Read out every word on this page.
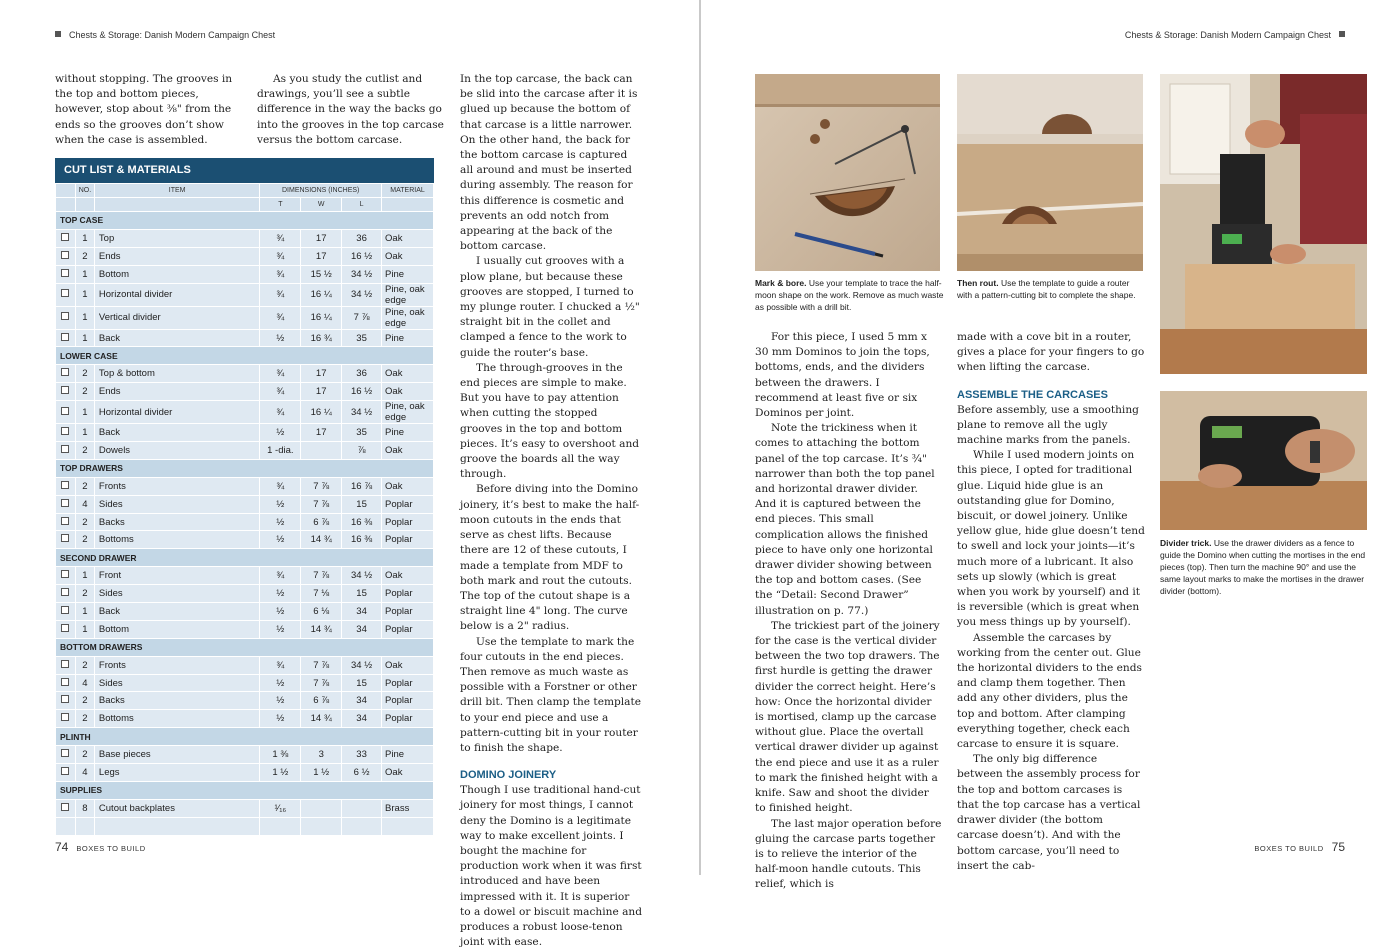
Chests & Storage: Danish Modern Campaign Chest

without stopping. The grooves in the top and bottom pieces, however, stop about ⅜" from the ends so the grooves don’t show when the case is assembled.

As you study the cutlist and drawings, you’ll see a subtle difference in the way the backs go into the grooves in the top carcase versus the bottom carcase.

CUT LIST & MATERIALS
	NO.	ITEM	DIMENSIONS (INCHES)			MATERIAL
			T	W	L	
TOP CASE						
	1	Top	¾	17	36	Oak
	2	Ends	¾	17	16 ½	Oak
	1	Bottom	¾	15 ½	34 ½	Pine
	1	Horizontal divider	¾	16 ¼	34 ½	Pine, oak edge
	1	Vertical divider	¾	16 ¼	7 ⅞	Pine, oak edge
	1	Back	½	16 ¾	35	Pine
LOWER CASE						
	2	Top & bottom	¾	17	36	Oak
	2	Ends	¾	17	16 ½	Oak
	1	Horizontal divider	¾	16 ¼	34 ½	Pine, oak edge
	1	Back	½	17	35	Pine
	2	Dowels	1 -dia.		⅞	Oak
TOP DRAWERS						
	2	Fronts	¾	7 ⅞	16 ⅞	Oak
	4	Sides	½	7 ⅞	15	Poplar
	2	Backs	½	6 ⅞	16 ⅜	Poplar
	2	Bottoms	½	14 ¾	16 ⅜	Poplar
SECOND DRAWER						
	1	Front	¾	7 ⅞	34 ½	Oak
	2	Sides	½	7 ⅛	15	Poplar
	1	Back	½	6 ⅛	34	Poplar
	1	Bottom	½	14 ¾	34	Poplar
BOTTOM DRAWERS						
	2	Fronts	¾	7 ⅞	34 ½	Oak
	4	Sides	½	7 ⅞	15	Poplar
	2	Backs	½	6 ⅞	34	Poplar
	2	Bottoms	½	14 ¾	34	Poplar
PLINTH						
	2	Base pieces	1 ⅜	3	33	Pine
	4	Legs	1 ½	1 ½	6 ½	Oak
SUPPLIES						
	8	Cutout backplates	¹⁄₁₆			Brass

In the top carcase, the back can be slid into the carcase after it is glued up because the bottom of that carcase is a little narrower. On the other hand, the back for the bottom carcase is captured all around and must be inserted during assembly. The reason for this difference is cosmetic and prevents an odd notch from appearing at the back of the bottom carcase.

I usually cut grooves with a plow plane, but because these grooves are stopped, I turned to my plunge router. I chucked a ½" straight bit in the collet and clamped a fence to the work to guide the router’s base.

The through-grooves in the end pieces are simple to make. But you have to pay attention when cutting the stopped grooves in the top and bottom pieces. It’s easy to overshoot and groove the boards all the way through.

Before diving into the Domino joinery, it’s best to make the half-moon cutouts in the ends that serve as chest lifts. Because there are 12 of these cutouts, I made a template from MDF to both mark and rout the cutouts. The top of the cutout shape is a straight line 4" long. The curve below is a 2" radius.

Use the template to mark the four cutouts in the end pieces. Then remove as much waste as possible with a Forstner or other drill bit. Then clamp the template to your end piece and use a pattern-cutting bit in your router to finish the shape.

DOMINO JOINERY

Though I use traditional hand-cut joinery for most things, I cannot deny the Domino is a legitimate way to make excellent joints. I bought the machine for production work when it was first introduced and have been impressed with it. It is superior to a dowel or biscuit machine and produces a robust loose-tenon joint with ease.

74 BOXES TO BUILD
Chests & Storage: Danish Modern Campaign Chest
Mark & bore. Use your template to trace the half-moon shape on the work. Remove as much waste as possible with a drill bit.
Then rout. Use the template to guide a router with a pattern-cutting bit to complete the shape.
Divider trick. Use the drawer dividers as a fence to guide the Domino when cutting the mortises in the end pieces (top). Then turn the machine 90° and use the same layout marks to make the mortises in the drawer divider (bottom).

For this piece, I used 5 mm x 30 mm Dominos to join the tops, bottoms, ends, and the dividers between the drawers. I recommend at least five or six Dominos per joint.

Note the trickiness when it comes to attaching the bottom panel of the top carcase. It’s ¾" narrower than both the top panel and horizontal drawer divider. And it is captured between the end pieces. This small complication allows the finished piece to have only one horizontal drawer divider showing between the top and bottom cases. (See the “Detail: Second Drawer” illustration on p. 77.)

The trickiest part of the joinery for the case is the vertical divider between the two top drawers. The first hurdle is getting the drawer divider the correct height. Here’s how: Once the horizontal divider is mortised, clamp up the carcase without glue. Place the overtall vertical drawer divider up against the end piece and use it as a ruler to mark the finished height with a knife. Saw and shoot the divider to finished height.

The last major operation before gluing the carcase parts together is to relieve the interior of the half-moon handle cutouts. This relief, which is

made with a cove bit in a router, gives a place for your fingers to go when lifting the carcase.

ASSEMBLE THE CARCASES

Before assembly, use a smoothing plane to remove all the ugly machine marks from the panels.

While I used modern joints on this piece, I opted for traditional glue. Liquid hide glue is an outstanding glue for Domino, biscuit, or dowel joinery. Unlike yellow glue, hide glue doesn’t tend to swell and lock your joints—it’s much more of a lubricant. It also sets up slowly (which is great when you work by yourself) and it is reversible (which is great when you mess things up by yourself).

Assemble the carcases by working from the center out. Glue the horizontal dividers to the ends and clamp them together. Then add any other dividers, plus the top and bottom. After clamping everything together, check each carcase to ensure it is square.

The only big difference between the assembly process for the top and bottom carcases is that the top carcase has a vertical drawer divider (the bottom carcase doesn’t). And with the bottom carcase, you’ll need to insert the cab-

BOXES TO BUILD 75
